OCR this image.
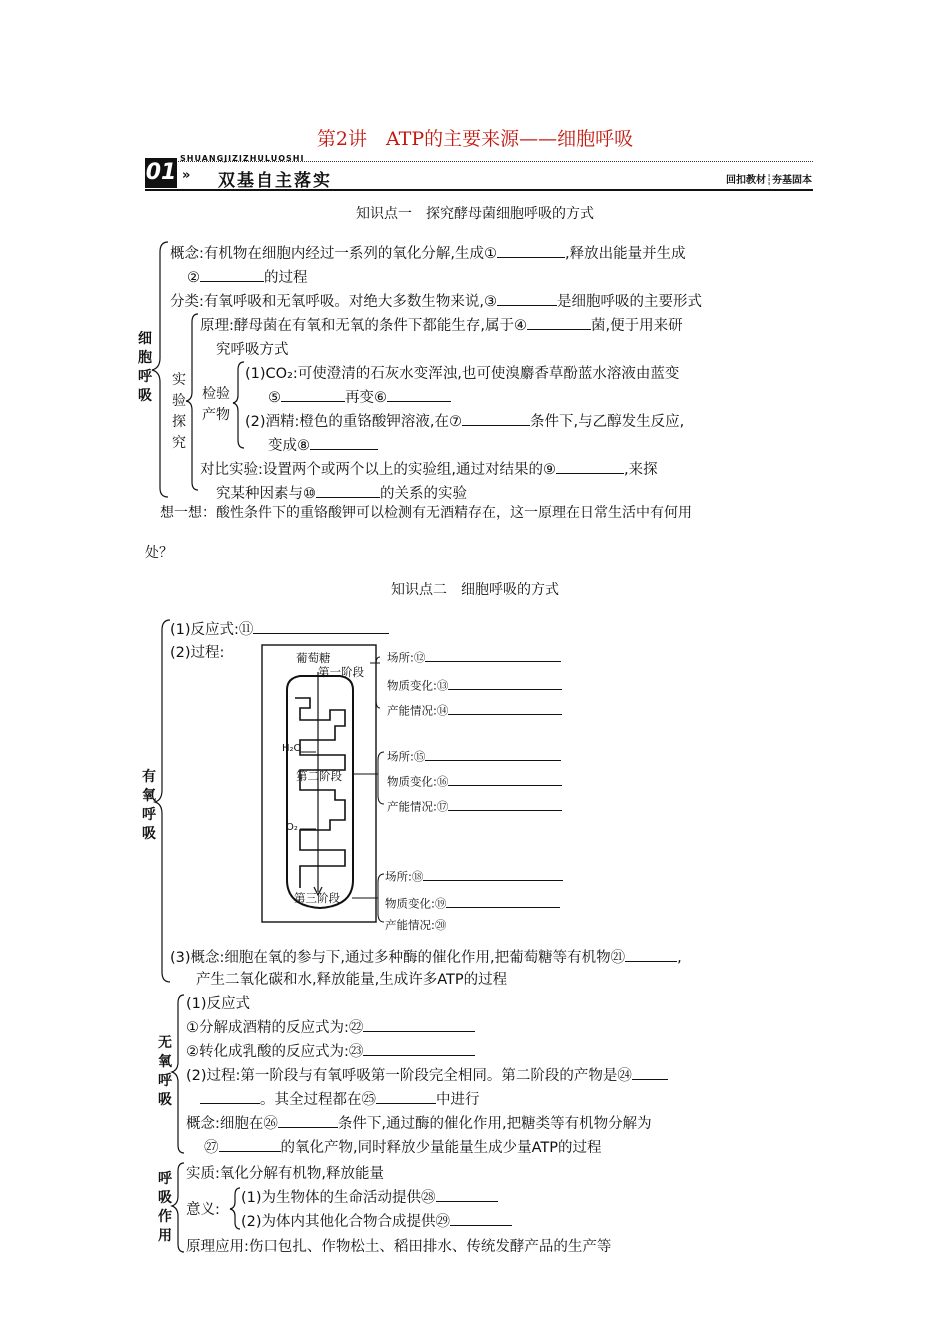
第2讲　ATP的主要来源——细胞呼吸
01
SHUANGJIZIZHULUOSHI
» 双基自主落实	回扣教材┆夯基固本
知识点一　探究酵母菌细胞呼吸的方式
细胞呼吸
概念:有机物在细胞内经过一系列的氧化分解,生成①	,释放出能量并生成
②	的过程
分类:有氧呼吸和无氧呼吸。对绝大多数生物来说,③	是细胞呼吸的主要形式
原理:酵母菌在有氧和无氧的条件下都能生存,属于④	菌,便于用来研
究呼吸方式
实验探究
检验产物
(1)CO₂:可使澄清的石灰水变浑浊,也可使溴麝香草酚蓝水溶液由蓝变
⑤	再变⑥
(2)酒精:橙色的重铬酸钾溶液,在⑦	条件下,与乙醇发生反应,
变成⑧
对比实验:设置两个或两个以上的实验组,通过对结果的⑨	,来探
究某种因素与⑩	的关系的实验
想一想：酸性条件下的重铬酸钾可以检测有无酒精存在，这一原理在日常生活中有何用
处？
知识点二　细胞呼吸的方式
有氧呼吸
(1)反应式:⑪
(2)过程:	葡萄糖
第一阶段
H₂O
第二阶段
O₂
第三阶段
场所:⑫
物质变化:⑬
产能情况:⑭
场所:⑮
物质变化:⑯
产能情况:⑰
场所:⑱
物质变化:⑲
产能情况:⑳
(3)概念:细胞在氧的参与下,通过多种酶的催化作用,把葡萄糖等有机物㉑	,
产生二氧化碳和水,释放能量,生成许多ATP的过程
无氧呼吸
(1)反应式
①分解成酒精的反应式为:㉒
②转化成乳酸的反应式为:㉓
(2)过程:第一阶段与有氧呼吸第一阶段完全相同。第二阶段的产物是㉔
。其全过程都在㉕	中进行
概念:细胞在㉖	条件下,通过酶的催化作用,把糖类等有机物分解为
㉗	的氧化产物,同时释放少量能量生成少量ATP的过程
呼吸作用
实质:氧化分解有机物,释放能量
意义:
(1)为生物体的生命活动提供㉘
(2)为体内其他化合物合成提供㉙
原理应用:伤口包扎、作物松土、稻田排水、传统发酵产品的生产等
